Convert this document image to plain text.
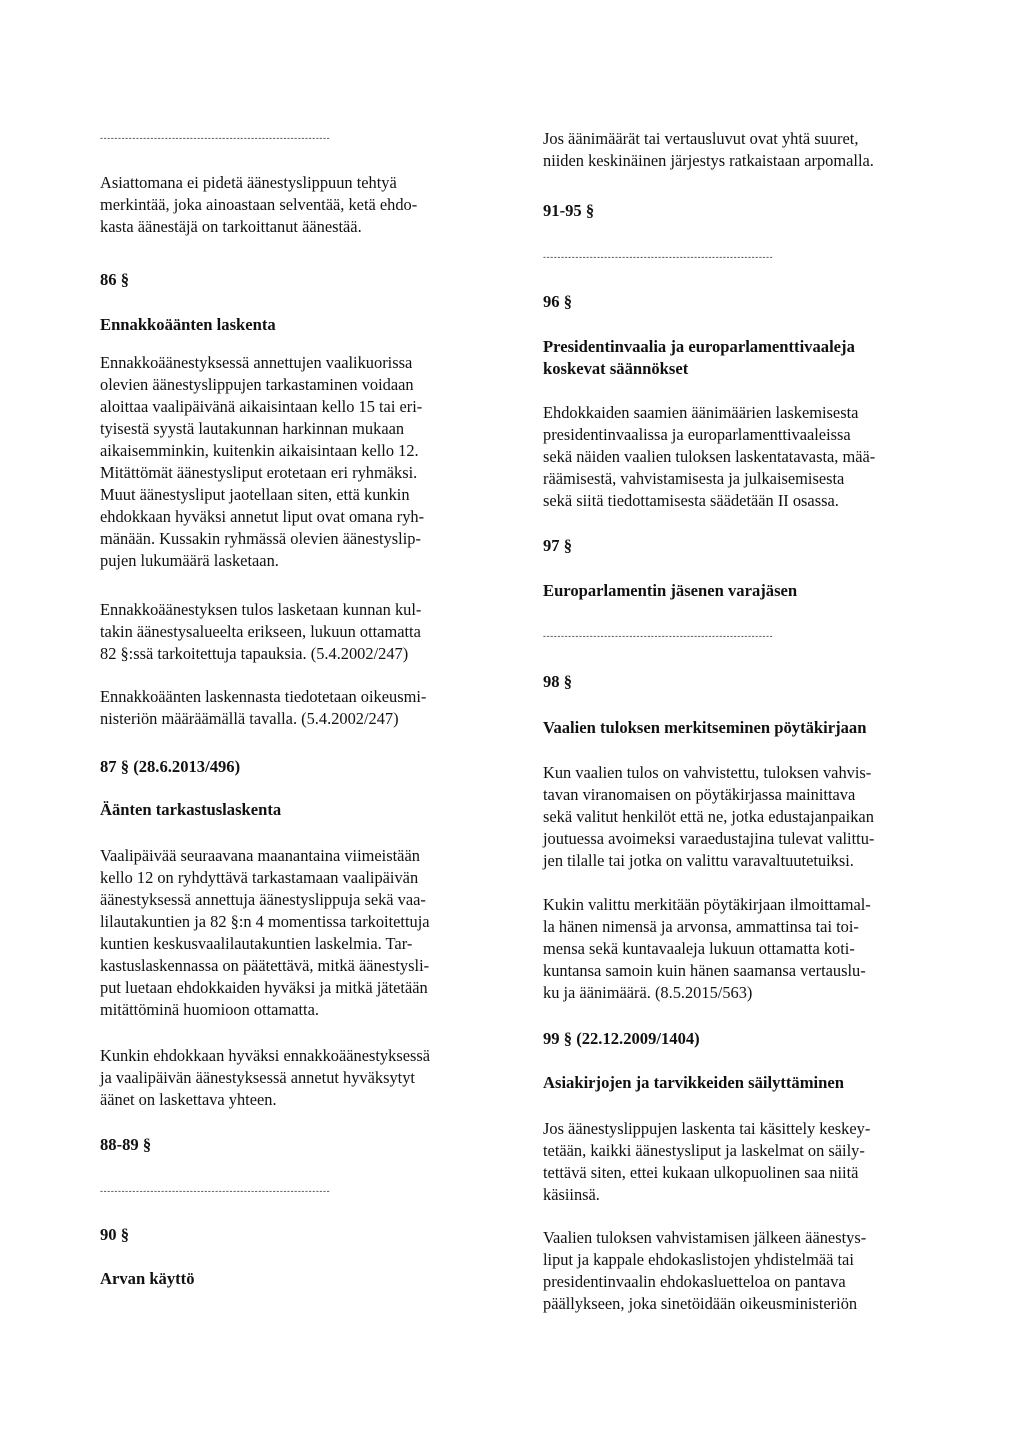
----------------------------------------------------------------

Asiattomana ei pidetä äänestyslippuun tehtyä
merkintää, joka ainoastaan selventää, ketä ehdo-
kasta äänestäjä on tarkoittanut äänestää.

86 §
Ennakkoäänten laskenta

Ennakkoäänestyksessä annettujen vaalikuorissa
olevien äänestyslippujen tarkastaminen voidaan
aloittaa vaalipäivänä aikaisintaan kello 15 tai eri-
tyisestä syystä lautakunnan harkinnan mukaan
aikaisemminkin, kuitenkin aikaisintaan kello 12.
Mitättömät äänestysliput erotetaan eri ryhmäksi.
Muut äänestysliput jaotellaan siten, että kunkin
ehdokkaan hyväksi annetut liput ovat omana ryh-
mänään. Kussakin ryhmässä olevien äänestyslip-
pujen lukumäärä lasketaan.

Ennakkoäänestyksen tulos lasketaan kunnan kul-
takin äänestysalueelta erikseen, lukuun ottamatta
82 §:ssä tarkoitettuja tapauksia. (5.4.2002/247)

Ennakkoäänten laskennasta tiedotetaan oikeusmi-
nisteriön määräämällä tavalla. (5.4.2002/247)

87 § (28.6.2013/496)
Äänten tarkastuslaskenta

Vaalipäivää seuraavana maanantaina viimeistään
kello 12 on ryhdyttävä tarkastamaan vaalipäivän
äänestyksessä annettuja äänestyslippuja sekä vaa-
lilautakuntien ja 82 §:n 4 momentissa tarkoitettuja
kuntien keskusvaalilautakuntien laskelmia. Tar-
kastuslaskennassa on päätettävä, mitkä äänestysli-
put luetaan ehdokkaiden hyväksi ja mitkä jätetään
mitättöminä huomioon ottamatta.

Kunkin ehdokkaan hyväksi ennakkoäänestyksessä
ja vaalipäivän äänestyksessä annetut hyväksytyt
äänet on laskettava yhteen.

88-89 §
----------------------------------------------------------------
90 §
Arvan käyttö

Jos äänimäärät tai vertausluvut ovat yhtä suuret,
niiden keskinäinen järjestys ratkaistaan arpomalla.

91-95 §
----------------------------------------------------------------
96 §
Presidentinvaalia ja europarlamenttivaaleja
koskevat säännökset

Ehdokkaiden saamien äänimäärien laskemisesta
presidentinvaalissa ja europarlamenttivaaleissa
sekä näiden vaalien tuloksen laskentatavasta, mää-
räämisestä, vahvistamisesta ja julkaisemisesta
sekä siitä tiedottamisesta säädetään II osassa.

97 §
Europarlamentin jäsenen varajäsen
----------------------------------------------------------------
98 §
Vaalien tuloksen merkitseminen pöytäkirjaan

Kun vaalien tulos on vahvistettu, tuloksen vahvis-
tavan viranomaisen on pöytäkirjassa mainittava
sekä valitut henkilöt että ne, jotka edustajanpaikan
joutuessa avoimeksi varaedustajina tulevat valittu-
jen tilalle tai jotka on valittu varavaltuutetuiksi.

Kukin valittu merkitään pöytäkirjaan ilmoittamal-
la hänen nimensä ja arvonsa, ammattinsa tai toi-
mensa sekä kuntavaaleja lukuun ottamatta koti-
kuntansa samoin kuin hänen saamansa vertauslu-
ku ja äänimäärä. (8.5.2015/563)

99 § (22.12.2009/1404)
Asiakirjojen ja tarvikkeiden säilyttäminen

Jos äänestyslippujen laskenta tai käsittely keskey-
tetään, kaikki äänestysliput ja laskelmat on säily-
tettävä siten, ettei kukaan ulkopuolinen saa niitä
käsiinsä.

Vaalien tuloksen vahvistamisen jälkeen äänestys-
liput ja kappale ehdokaslistojen yhdistelmää tai
presidentinvaalin ehdokasluetteloa on pantava
päällykseen, joka sinetöidään oikeusministeriön
